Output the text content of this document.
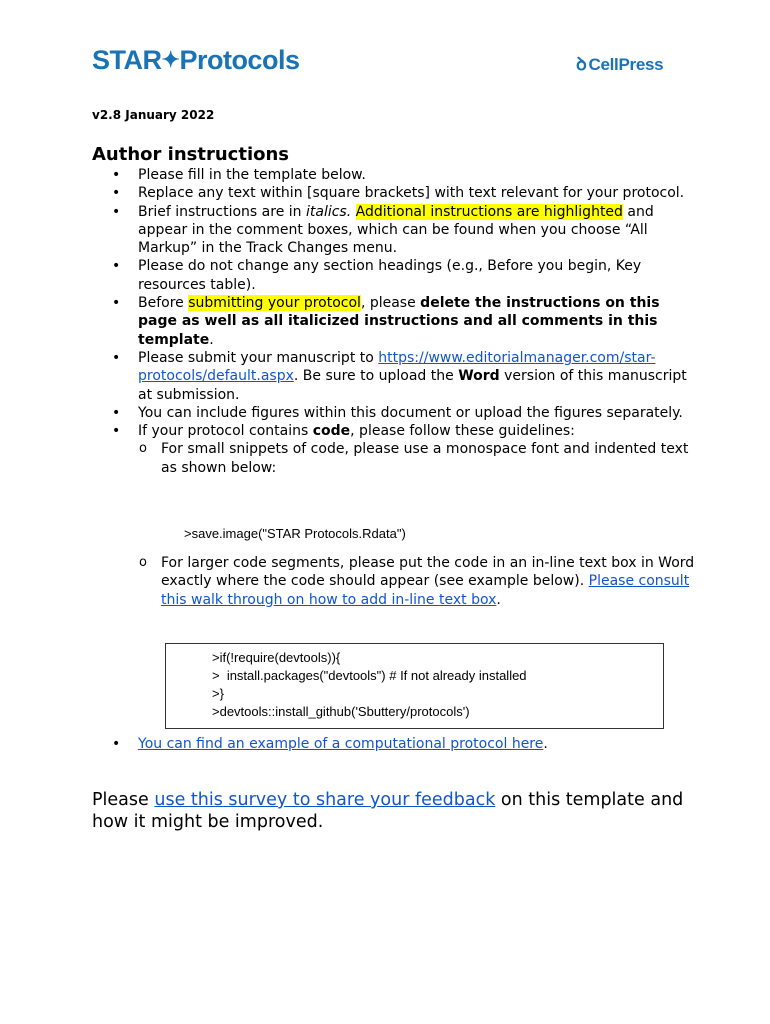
STAR✦Protocols	ꝺ CellPress
v2.8 January 2022
Author instructions
• Please fill in the template below.
• Replace any text within [square brackets] with text relevant for your protocol.
• Brief instructions are in italics. Additional instructions are highlighted and appear in the comment boxes, which can be found when you choose “All Markup” in the Track Changes menu.
• Please do not change any section headings (e.g., Before you begin, Key resources table).
• Before submitting your protocol, please delete the instructions on this page as well as all italicized instructions and all comments in this template.
• Please submit your manuscript to https://www.editorialmanager.com/star-protocols/default.aspx. Be sure to upload the Word version of this manuscript at submission.
• You can include figures within this document or upload the figures separately.
• If your protocol contains code, please follow these guidelines:
o For small snippets of code, please use a monospace font and indented text as shown below:
>save.image("STAR Protocols.Rdata")
o For larger code segments, please put the code in an in-line text box in Word exactly where the code should appear (see example below). Please consult this walk through on how to add in-line text box.
>if(!require(devtools)){
>  install.packages("devtools") # If not already installed
>}
>devtools::install_github('Sbuttery/protocols')
• You can find an example of a computational protocol here.
Please use this survey to share your feedback on this template and how it might be improved.
